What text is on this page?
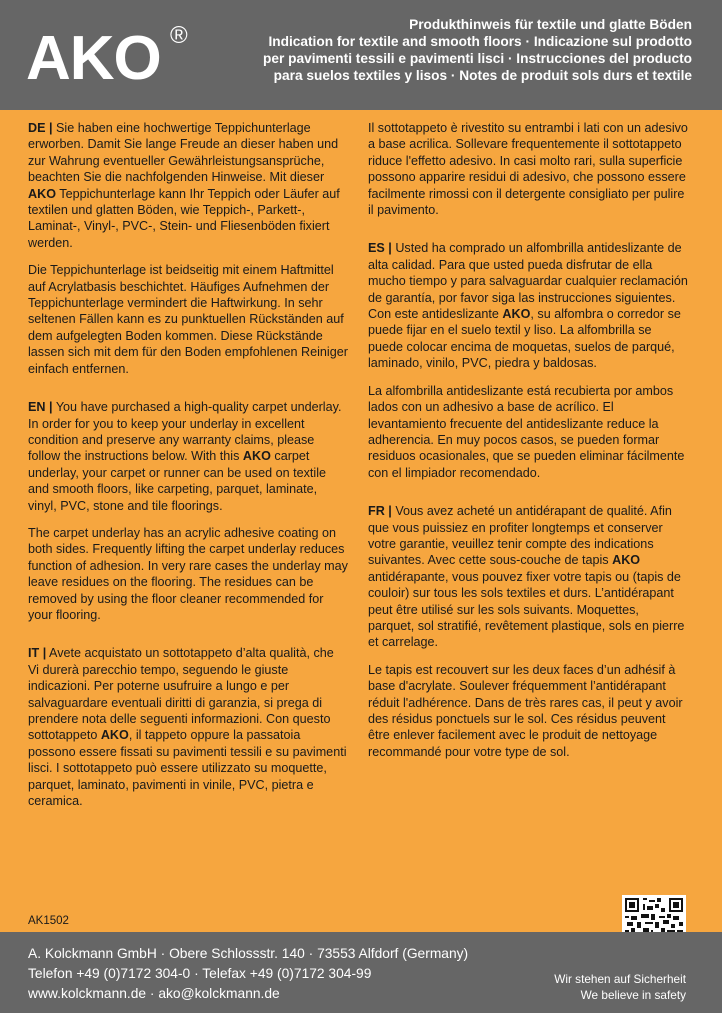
AKO ®	Produkthinweis für textile und glatte Böden
Indication for textile and smooth floors · Indicazione sul prodotto
per pavimenti tessili e pavimenti lisci · Instrucciones del producto
para suelos textiles y lisos · Notes de produit sols durs et textile
DE | Sie haben eine hochwertige Teppichunterlage erworben. Damit Sie lange Freude an dieser haben und zur Wahrung eventueller Gewährleistungsansprüche, beachten Sie die nachfolgenden Hinweise. Mit dieser AKO Teppichunterlage kann Ihr Teppich oder Läufer auf textilen und glatten Böden, wie Teppich-, Parkett-, Laminat-, Vinyl-, PVC-, Stein- und Fliesenböden fixiert werden.
Die Teppichunterlage ist beidseitig mit einem Haftmittel auf Acrylatbasis beschichtet. Häufiges Aufnehmen der Teppichunterlage vermindert die Haftwirkung. In sehr seltenen Fällen kann es zu punktuellen Rückständen auf dem aufgelegten Boden kommen. Diese Rückstände lassen sich mit dem für den Boden empfohlenen Reiniger einfach entfernen.
EN | You have purchased a high-quality carpet underlay. In order for you to keep your underlay in excellent condition and preserve any warranty claims, please follow the instructions below. With this AKO carpet underlay, your carpet or runner can be used on textile and smooth floors, like carpeting, parquet, laminate, vinyl, PVC, stone and tile floorings.
The carpet underlay has an acrylic adhesive coating on both sides. Frequently lifting the carpet underlay reduces function of adhesion. In very rare cases the underlay may leave residues on the flooring. The residues can be removed by using the floor cleaner recommended for your flooring.
IT | Avete acquistato un sottotappeto d’alta qualità, che Vi durerà parecchio tempo, seguendo le giuste indicazioni. Per poterne usufruire a lungo e per salvaguardare eventuali diritti di garanzia, si prega di prendere nota delle seguenti informazioni. Con questo sottotappeto AKO, il tappeto oppure la passatoia possono essere fissati su pavimenti tessili e su pavimenti lisci. I sottotappeto può essere utilizzato su moquette, parquet, laminato, pavimenti in vinile, PVC, pietra e ceramica.
Il sottotappeto è rivestito su entrambi i lati con un adesivo a base acrilica. Sollevare frequentemente il sottotappeto riduce l'effetto adesivo. In casi molto rari, sulla superficie possono apparire residui di adesivo, che possono essere facilmente rimossi con il detergente consigliato per pulire il pavimento.
ES | Usted ha comprado un alfombrilla antideslizante de alta calidad. Para que usted pueda disfrutar de ella mucho tiempo y para salvaguardar cualquier reclamación de garantía, por favor siga las instrucciones siguientes. Con este antideslizante AKO, su alfombra o corredor se puede fijar en el suelo textil y liso. La alfombrilla se puede colocar encima de moquetas, suelos de parqué, laminado, vinilo, PVC, piedra y baldosas.
La alfombrilla antideslizante está recubierta por ambos lados con un adhesivo a base de acrílico. El levantamiento frecuente del antideslizante reduce la adherencia. En muy pocos casos, se pueden formar residuos ocasionales, que se pueden eliminar fácilmente con el limpiador recomendado.
FR | Vous avez acheté un antidérapant de qualité. Afin que vous puissiez en profiter longtemps et conserver votre garantie, veuillez tenir compte des indications suivantes. Avec cette sous-couche de tapis AKO antidérapante, vous pouvez fixer votre tapis ou (tapis de couloir) sur tous les sols textiles et durs. L’antidérapant peut être utilisé sur les sols suivants. Moquettes, parquet, sol stratifié, revêtement plastique, sols en pierre et carrelage.
Le tapis est recouvert sur les deux faces d’un adhésif à base d'acrylate. Soulever fréquemment l’antidérapant réduit l'adhérence. Dans de très rares cas, il peut y avoir des résidus ponctuels sur le sol. Ces résidus peuvent être enlever facilement avec le produit de nettoyage recommandé pour votre type de sol.
AK1502
A. Kolckmann GmbH · Obere Schlossstr. 140 · 73553 Alfdorf (Germany)
Telefon +49 (0)7172 304-0 · Telefax +49 (0)7172 304-99
www.kolckmann.de · ako@kolckmann.de
Wir stehen auf Sicherheit
We believe in safety
